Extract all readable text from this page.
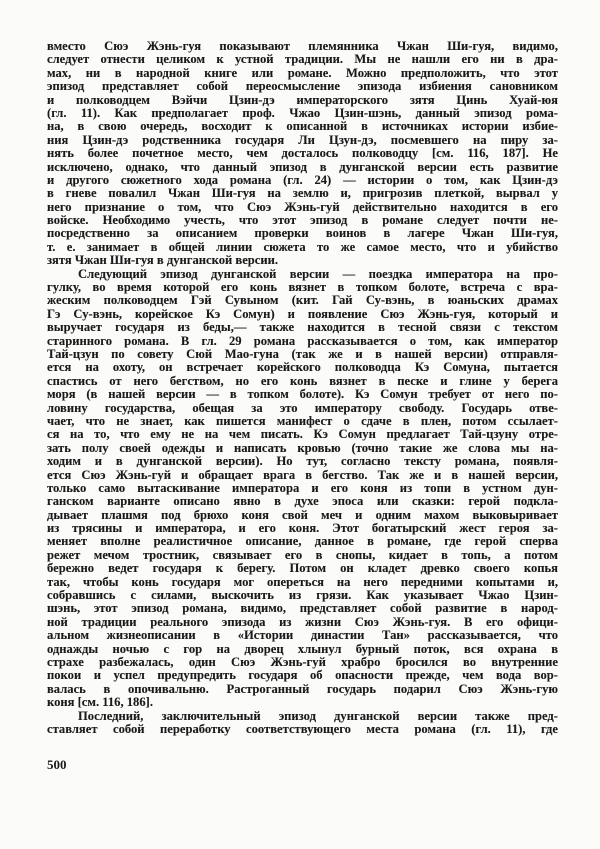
вместо Сюэ Жэнь-гуя показывают племянника Чжан Ши-гуя, видимо,
следует отнести целиком к устной традиции. Мы не нашли его ни в дра-
мах, ни в народной книге или романе. Можно предположить, что этот
эпизод представляет собой переосмысление эпизода избиения сановником
и полководцем Вэйчи Цзин-дэ императорского зятя Цинь Хуай-юя
(гл. 11). Как предполагает проф. Чжао Цзин-шэнь, данный эпизод рома-
на, в свою очередь, восходит к описанной в источниках истории избие-
ния Цзин-дэ родственника государя Ли Цзун-дэ, посмевшего на пиру за-
нять более почетное место, чем досталось полководцу [см. 116, 187]. Не
исключено, однако, что данный эпизод в дунганской версии есть развитие
и другого сюжетного хода романа (гл. 24) — истории о том, как Цзин-дэ
в гневе повалил Чжан Ши-гуя на землю и, пригрозив плеткой, вырвал у
него признание о том, что Сюэ Жэнь-гуй действительно находится в его
войске. Необходимо учесть, что этот эпизод в романе следует почти не-
посредственно за описанием проверки воинов в лагере Чжан Ши-гуя,
т. е. занимает в общей линии сюжета то же самое место, что и убийство
зятя Чжан Ши-гуя в дунганской версии.
Следующий эпизод дунганской версии — поездка императора на про-
гулку, во время которой его конь вязнет в топком болоте, встреча с вра-
жеским полководцем Гэй Сувыном (кит. Гай Су-вэнь, в юаньских драмах
Гэ Су-вэнь, корейское Кэ Сомун) и появление Сюэ Жэнь-гуя, который и
выручает государя из беды,— также находится в тесной связи с текстом
старинного романа. В гл. 29 романа рассказывается о том, как император
Тай-цзун по совету Сюй Мао-гуна (так же и в нашей версии) отправля-
ется на охоту, он встречает корейского полководца Кэ Сомуна, пытается
спастись от него бегством, но его конь вязнет в песке и глине у берега
моря (в нашей версии — в топком болоте). Кэ Сомун требует от него по-
ловину государства, обещая за это императору свободу. Государь отве-
чает, что не знает, как пишется манифест о сдаче в плен, потом ссылает-
ся на то, что ему не на чем писать. Кэ Сомун предлагает Тай-цзуну отре-
зать полу своей одежды и написать кровью (точно такие же слова мы на-
ходим и в дунганской версии). Но тут, согласно тексту романа, появля-
ется Сюэ Жэнь-гуй и обращает врага в бегство. Так же и в нашей версии,
только само вытаскивание императора и его коня из топи в устном дун-
ганском варианте описано явно в духе эпоса или сказки: герой подкла-
дывает плашмя под брюхо коня свой меч и одним махом выковыривает
из трясины и императора, и его коня. Этот богатырский жест героя за-
меняет вполне реалистичное описание, данное в романе, где герой сперва
режет мечом тростник, связывает его в снопы, кидает в топь, а потом
бережно ведет государя к берегу. Потом он кладет древко своего копья
так, чтобы конь государя мог опереться на него передними копытами и,
собравшись с силами, выскочить из грязи. Как указывает Чжао Цзин-
шэнь, этот эпизод романа, видимо, представляет собой развитие в народ-
ной традиции реального эпизода из жизни Сюэ Жэнь-гуя. В его офици-
альном жизнеописании в «Истории династии Тан» рассказывается, что
однажды ночью с гор на дворец хлынул бурный поток, вся охрана в
страхе разбежалась, один Сюэ Жэнь-гуй храбро бросился во внутренние
покои и успел предупредить государя об опасности прежде, чем вода вор-
валась в опочивальню. Растроганный государь подарил Сюэ Жэнь-гую
коня [см. 116, 186].
Последний, заключительный эпизод дунганской версии также пред-
ставляет собой переработку соответствующего места романа (гл. 11), где
500
